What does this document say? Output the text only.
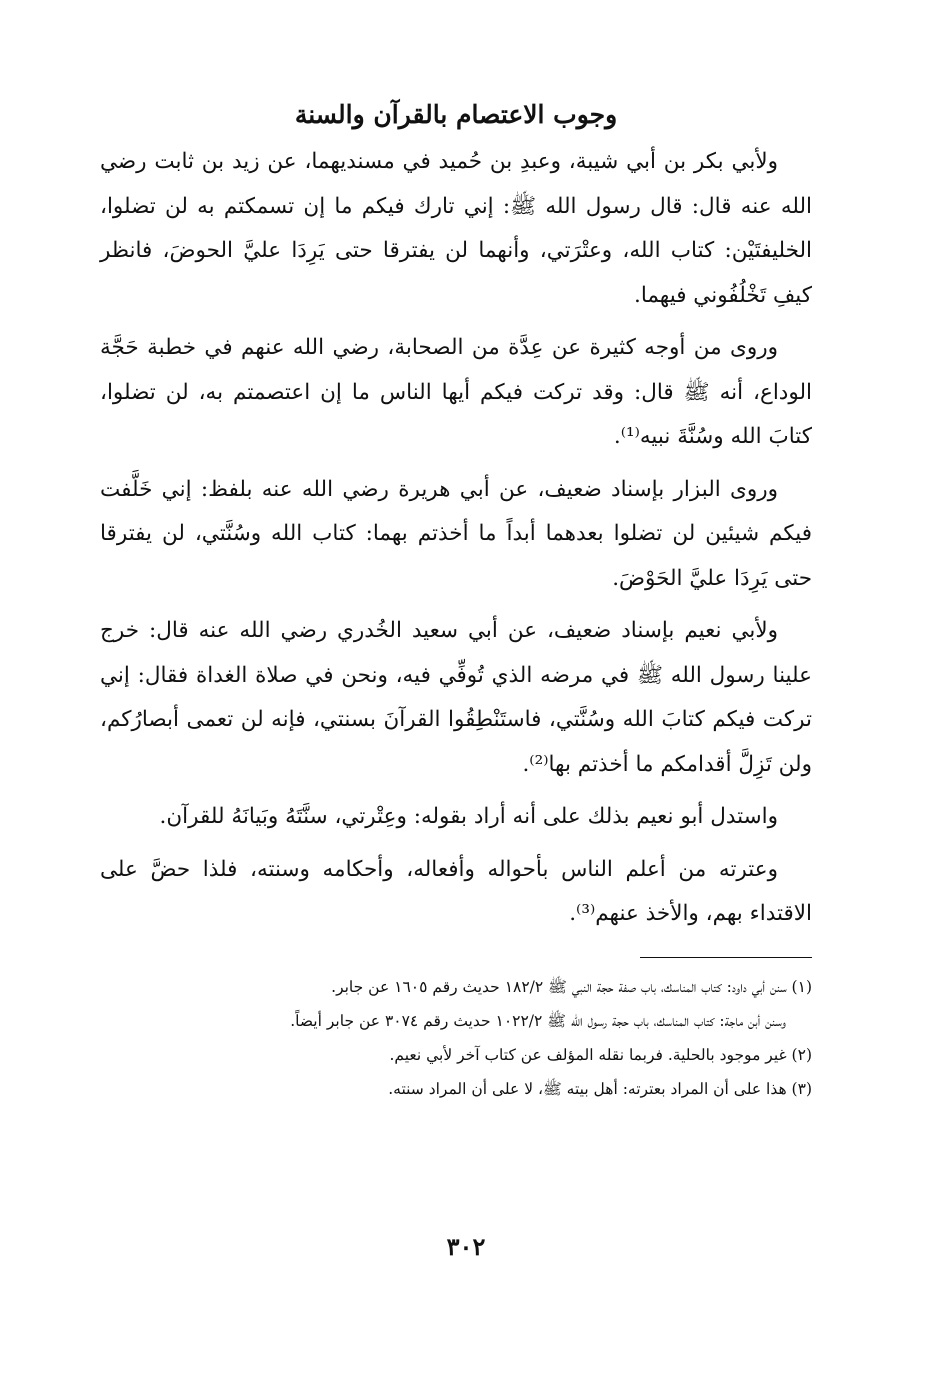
وجوب الاعتصام بالقرآن والسنة

ولأبي بكر بن أبي شيبة، وعبدِ بن حُميد في مسنديهما، عن زيد بن ثابت رضي الله عنه قال: قال رسول الله ﷺ: إني تارك فيكم ما إن تسمكتم به لن تضلوا، الخليفتَيْن: كتاب الله، وعتْرَتي، وأنهما لن يفترقا حتى يَرِدَا عليَّ الحوضَ، فانظر كيفِ تَخْلُفُوني فيهما.

وروى من أوجه كثيرة عن عِدَّة من الصحابة، رضي الله عنهم في خطبة حَجَّة الوداع، أنه ﷺ قال: وقد تركت فيكم أيها الناس ما إن اعتصمتم به، لن تضلوا، كتابَ الله وسُنَّةَ نبيه⁽¹⁾.

وروى البزار بإسناد ضعيف، عن أبي هريرة رضي الله عنه بلفظ: إني خَلَّفت فيكم شيئين لن تضلوا بعدهما أبداً ما أخذتم بهما: كتاب الله وسُنَّتي، لن يفترقا حتى يَرِدَا عليَّ الحَوْضَ.

ولأبي نعيم بإسناد ضعيف، عن أبي سعيد الخُدري رضي الله عنه قال: خرج علينا رسول الله ﷺ في مرضه الذي تُوفِّي فيه، ونحن في صلاة الغداة فقال: إني تركت فيكم كتابَ الله وسُنَّتي، فاستَنْطِقُوا القرآنَ بسنتي، فإنه لن تعمى أبصارُكم، ولن تَزِلَّ أقدامكم ما أخذتم بها⁽²⁾.

واستدل أبو نعيم بذلك على أنه أراد بقوله: وعِتْرتي، سنَّتَهُ وبَيانَهُ للقرآن.

وعترته من أعلم الناس بأحواله وأفعاله، وأحكامه وسنته، فلذا حضَّ على الاقتداء بهم، والأخذ عنهم⁽³⁾.

(١) سنن أبي داود: كتاب المناسك، باب صفة حجة النبي ﷺ ١٨٢/٢ حديث رقم ١٦٠٥ عن جابر.

وسنن أبن ماجة: كتاب المناسك، باب حجة رسول الله ﷺ ١٠٢٢/٢ حديث رقم ٣٠٧٤ عن جابر أيضاً.

(٢) غير موجود بالحلية. فربما نقله المؤلف عن كتاب آخر لأبي نعيم.

(٣) هذا على أن المراد بعترته: أهل بيته ﷺ، لا على أن المراد سنته.

٣٠٢
